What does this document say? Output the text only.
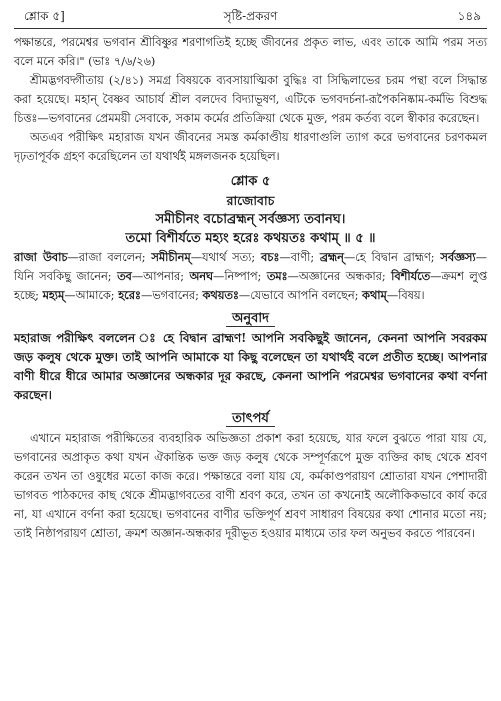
শ্লোক ৫]	সৃষ্টি-প্রকরণ	১৪৯

পক্ষান্তরে, পরমেশ্বর ভগবান শ্রীবিষ্ণুর শরণাগতিই হচ্ছে জীবনের প্রকৃত লাভ, এবং তাকে আমি পরম সত্য বলে মনে করি।" (ভাঃ ৭/৬/২৬)

শ্রীমদ্ভগবদ্গীতায় (২/৪১) সমগ্র বিষয়কে ব্যবসায়াত্মিকা বুদ্ধিঃ বা সিদ্ধিলাভের চরম পন্থা বলে সিদ্ধান্ত করা হয়েছে। মহান্ বৈষ্ণব আচার্য শ্রীল বলদেব বিদ্যাভূষণ, এটিকে ভগবদর্চনা-রূপৈকনিষ্কাম-কর্মভি বিশুদ্ধ চিত্তঃ—ভগবানের প্রেমময়ী সেবাকে, সকাম কর্মের প্রতিক্রিয়া থেকে মুক্ত, পরম কর্তব্য বলে স্বীকার করেছেন।

অতএব পরীক্ষিৎ মহারাজ যখন জীবনের সমস্ত কর্মকাণ্ডীয় ধারণাগুলি ত্যাগ করে ভগবানের চরণকমল দৃঢ়তাপূর্বক গ্রহণ করেছিলেন তা যথার্থই মঙ্গলজনক হয়েছিল।

শ্লোক ৫
রাজোবাচ
সমীচীনং বচোব্রহ্মন্ সর্বজ্ঞস্য তবানঘ।
তমো বিশীর্যতে মহ্যং হরেঃ কথয়তঃ কথাম্ ॥ ৫ ॥
রাজা উবাচ—রাজা বললেন; সমীচীনম্—যথার্থ সত্য; বচঃ—বাণী; ব্রহ্মন্—হে বিদ্বান ব্রাহ্মণ; সর্বজ্ঞস্য—যিনি সবকিছু জানেন; তব—আপনার; অনঘ—নিষ্পাপ; তমঃ—অজ্ঞানের অন্ধকার; বিশীর্যতে—ক্রমশ লুপ্ত হচ্ছে; মহ্যম্—আমাকে; হরেঃ—ভগবানের; কথয়তঃ—যেভাবে আপনি বলছেন; কথাম্—বিষয়।
অনুবাদ
মহারাজ পরীক্ষিৎ বললেন ঃ হে বিদ্বান ব্রাহ্মণ! আপনি সবকিছুই জানেন, কেননা আপনি সবরকম জড় কলুষ থেকে মুক্ত। তাই আপনি আমাকে যা কিছু বলেছেন তা যথার্থই বলে প্রতীত হচ্ছে। আপনার বাণী ধীরে ধীরে আমার অজ্ঞানের অন্ধকার দূর করছে, কেননা আপনি পরমেশ্বর ভগবানের কথা বর্ণনা করছেন।
তাৎপর্য

এখানে মহারাজ পরীক্ষিতের ব্যবহারিক অভিজ্ঞতা প্রকাশ করা হয়েছে, যার ফলে বুঝতে পারা যায় যে, ভগবানের অপ্রাকৃত কথা যখন ঐকান্তিক ভক্ত জড় কলুষ থেকে সম্পূর্ণরূপে মুক্ত ব্যক্তির কাছ থেকে শ্রবণ করেন তখন তা ওষুধের মতো কাজ করে। পক্ষান্তরে বলা যায় যে, কর্মকাণ্ডপরায়ণ শ্রোতারা যখন পেশাদারী ভাগবত পাঠকদের কাছ থেকে শ্রীমদ্ভাগবতের বাণী শ্রবণ করে, তখন তা কখনোই অলৌকিকভাবে কার্য করে না, যা এখানে বর্ণনা করা হয়েছে। ভগবানের বাণীর ভক্তিপূর্ণ শ্রবণ সাধারণ বিষয়ের কথা শোনার মতো নয়; তাই নিষ্ঠাপরায়ণ শ্রোতা, ক্রমশ অজ্ঞান-অন্ধকার দূরীভূত হওয়ার মাধ্যমে তার ফল অনুভব করতে পারবেন।
